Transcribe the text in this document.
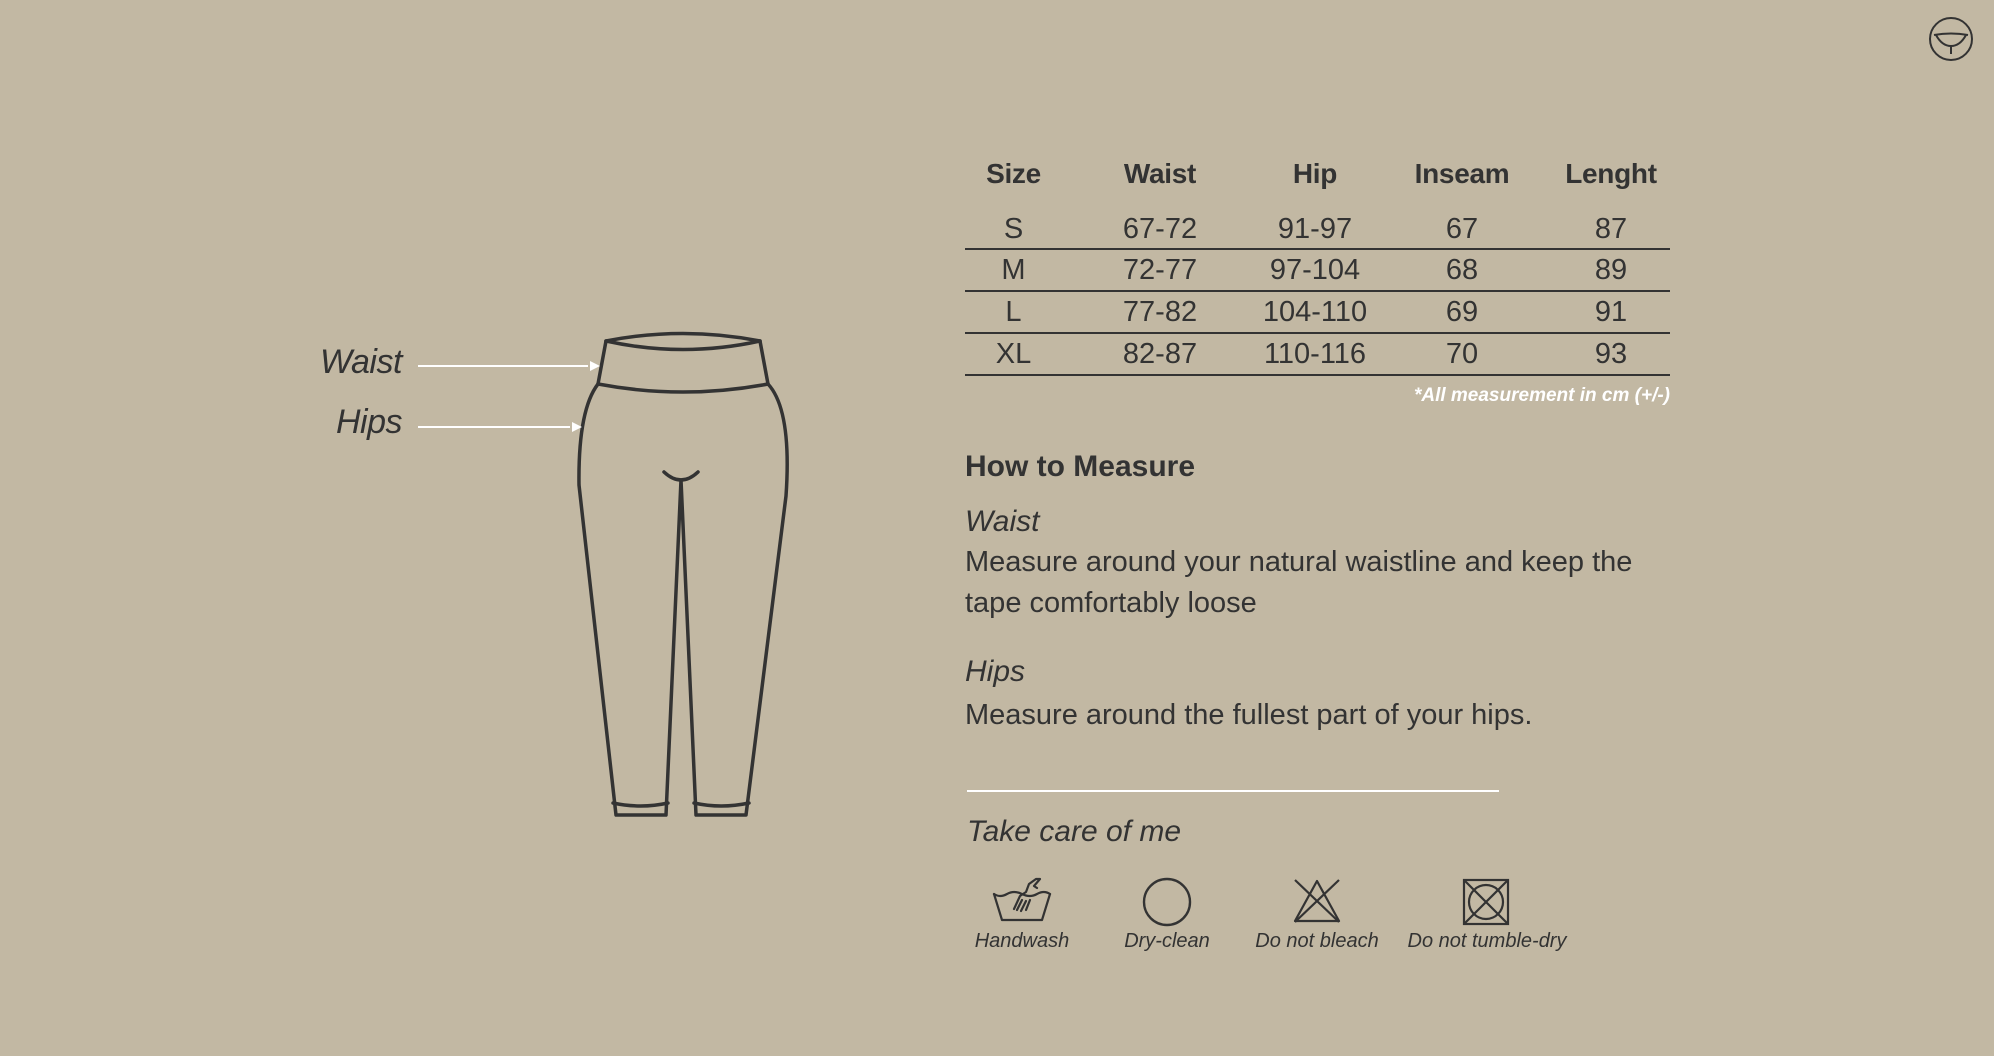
Waist
Hips
Size	Waist	Hip	Inseam	Lenght
S	67-72	91-97	67	87
M	72-77	97-104	68	89
L	77-82	104-110	69	91
XL	82-87	110-116	70	93
*All measurement in cm (+/-)
How to Measure
Waist

Measure around your natural waistline and keep the tape comfortably loose

Hips

Measure around the fullest part of your hips.

Take care of me
Handwash	Dry-clean	Do not bleach	Do not tumble-dry
